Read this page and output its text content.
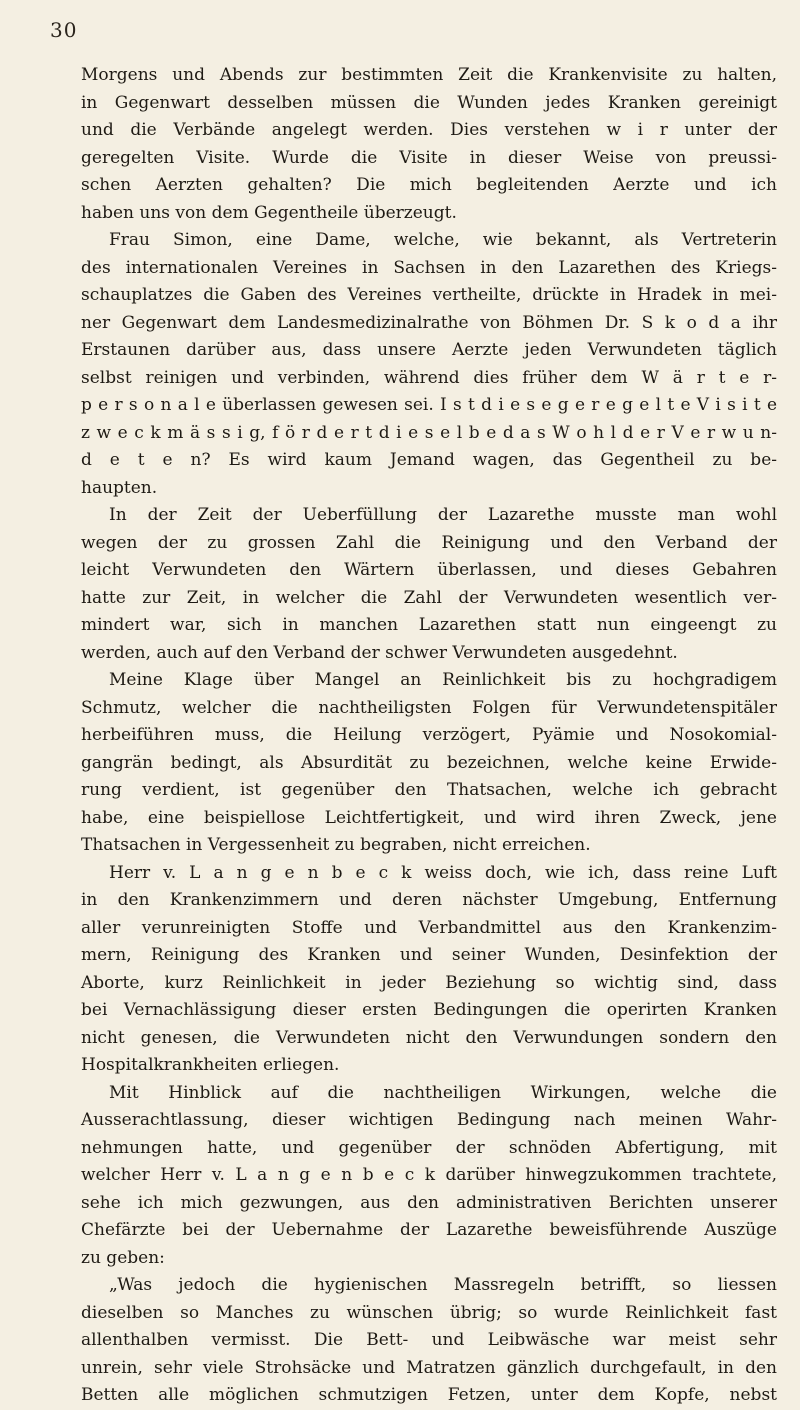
30
Morgens und Abends zur bestimmten Zeit die Krankenvisite zu halten,
in Gegenwart desselben müssen die Wunden jedes Kranken gereinigt
und die Verbände angelegt werden. Dies verstehen w i r unter der
geregelten Visite. Wurde die Visite in dieser Weise von preussi-
schen Aerzten gehalten? Die mich begleitenden Aerzte und ich
haben uns von dem Gegentheile überzeugt.
Frau Simon, eine Dame, welche, wie bekannt, als Vertreterin
des internationalen Vereines in Sachsen in den Lazarethen des Kriegs-
schauplatzes die Gaben des Vereines vertheilte, drückte in Hradek in mei-
ner Gegenwart dem Landesmedizinalrathe von Böhmen Dr. S k o d a ihr
Erstaunen darüber aus, dass unsere Aerzte jeden Verwundeten täglich
selbst reinigen und verbinden, während dies früher dem W ä r t e r-
p e r s o n a l e überlassen gewesen sei. I s t d i e s e g e r e g e l t e V i s i t e
z w e c k m ä s s i g, f ö r d e r t d i e s e l b e d a s W o h l d e r V e r w u n-
d e t e n? Es wird kaum Jemand wagen, das Gegentheil zu be-
haupten.
In der Zeit der Ueberfüllung der Lazarethe musste man wohl
wegen der zu grossen Zahl die Reinigung und den Verband der
leicht Verwundeten den Wärtern überlassen, und dieses Gebahren
hatte zur Zeit, in welcher die Zahl der Verwundeten wesentlich ver-
mindert war, sich in manchen Lazarethen statt nun eingeengt zu
werden, auch auf den Verband der schwer Verwundeten ausgedehnt.
Meine Klage über Mangel an Reinlichkeit bis zu hochgradigem
Schmutz, welcher die nachtheiligsten Folgen für Verwundetenspitäler
herbeiführen muss, die Heilung verzögert, Pyämie und Nosokomial-
gangrän bedingt, als Absurdität zu bezeichnen, welche keine Erwide-
rung verdient, ist gegenüber den Thatsachen, welche ich gebracht
habe, eine beispiellose Leichtfertigkeit, und wird ihren Zweck, jene
Thatsachen in Vergessenheit zu begraben, nicht erreichen.
Herr v. L a n g e n b e c k weiss doch, wie ich, dass reine Luft
in den Krankenzimmern und deren nächster Umgebung, Entfernung
aller verunreinigten Stoffe und Verbandmittel aus den Krankenzim-
mern, Reinigung des Kranken und seiner Wunden, Desinfektion der
Aborte, kurz Reinlichkeit in jeder Beziehung so wichtig sind, dass
bei Vernachlässigung dieser ersten Bedingungen die operirten Kranken
nicht genesen, die Verwundeten nicht den Verwundungen sondern den
Hospitalkrankheiten erliegen.
Mit Hinblick auf die nachtheiligen Wirkungen, welche die
Ausserachtlassung, dieser wichtigen Bedingung nach meinen Wahr-
nehmungen hatte, und gegenüber der schnöden Abfertigung, mit
welcher Herr v. L a n g e n b e c k darüber hinwegzukommen trachtete,
sehe ich mich gezwungen, aus den administrativen Berichten unserer
Chefärzte bei der Uebernahme der Lazarethe beweisführende Auszüge
zu geben:
„Was jedoch die hygienischen Massregeln betrifft, so liessen
dieselben so Manches zu wünschen übrig; so wurde Reinlichkeit fast
allenthalben vermisst. Die Bett- und Leibwäsche war meist sehr
unrein, sehr viele Strohsäcke und Matratzen gänzlich durchgefault, in den
Betten alle möglichen schmutzigen Fetzen, unter dem Kopfe, nebst
